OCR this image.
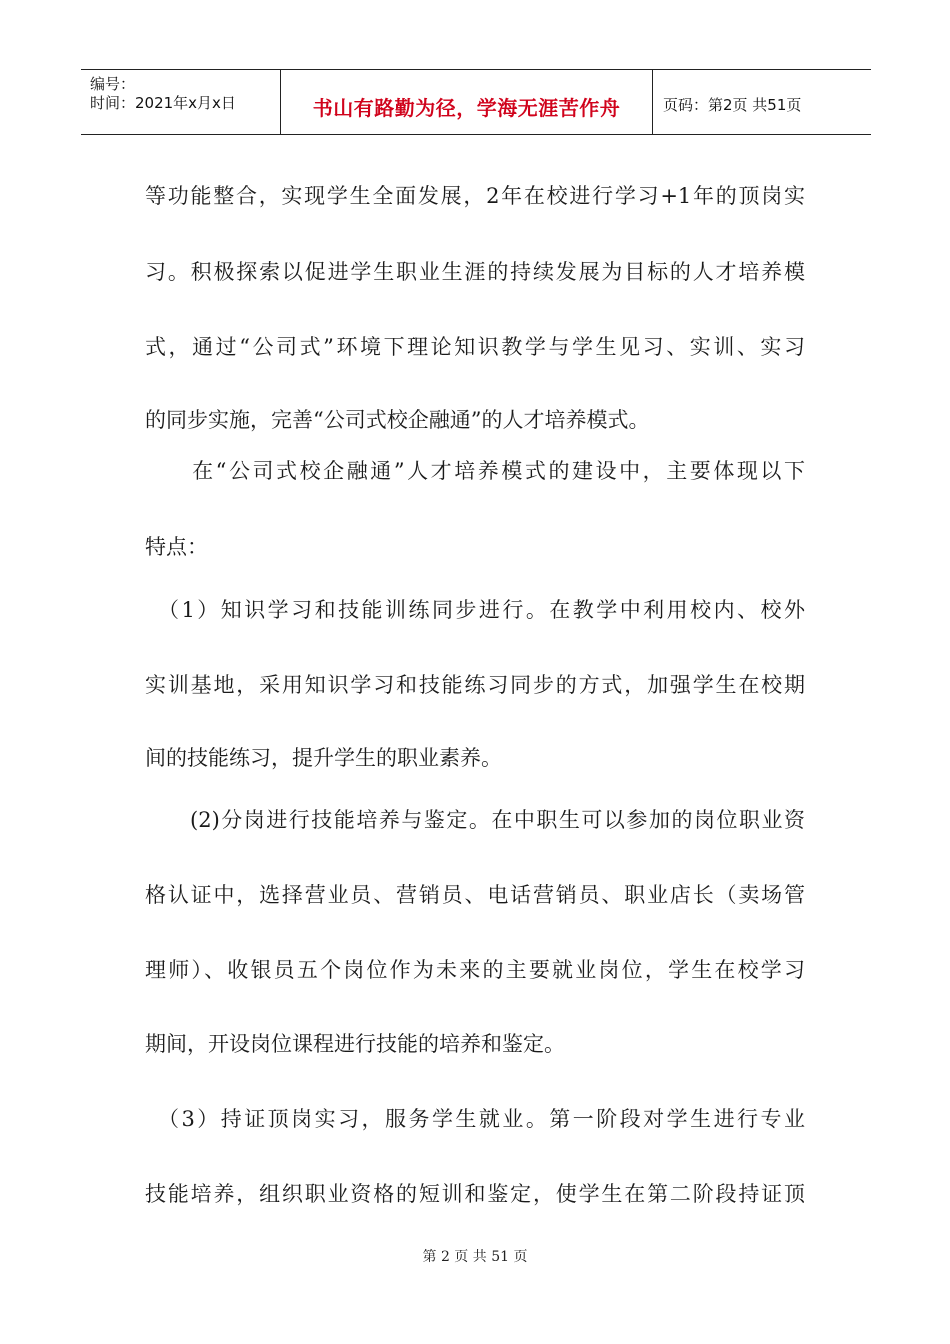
编号：
时间：2021年x月x日	书山有路勤为径，学海无涯苦作舟	页码：第2页 共51页
等功能整合，实现学生全面发展，2年在校进行学习+1年的顶岗实
习。积极探索以促进学生职业生涯的持续发展为目标的人才培养模
式，通过“公司式”环境下理论知识教学与学生见习、实训、实习
的同步实施，完善“公司式校企融通”的人才培养模式。
　　在“公司式校企融通”人才培养模式的建设中，主要体现以下
特点：
　（1）知识学习和技能训练同步进行。在教学中利用校内、校外
实训基地，采用知识学习和技能练习同步的方式，加强学生在校期
间的技能练习，提升学生的职业素养。
　　(2)分岗进行技能培养与鉴定。在中职生可以参加的岗位职业资
格认证中，选择营业员、营销员、电话营销员、职业店长（卖场管
理师）、收银员五个岗位作为未来的主要就业岗位，学生在校学习
期间，开设岗位课程进行技能的培养和鉴定。
　（3）持证顶岗实习，服务学生就业。第一阶段对学生进行专业
技能培养，组织职业资格的短训和鉴定，使学生在第二阶段持证顶
第 2 页 共 51 页
